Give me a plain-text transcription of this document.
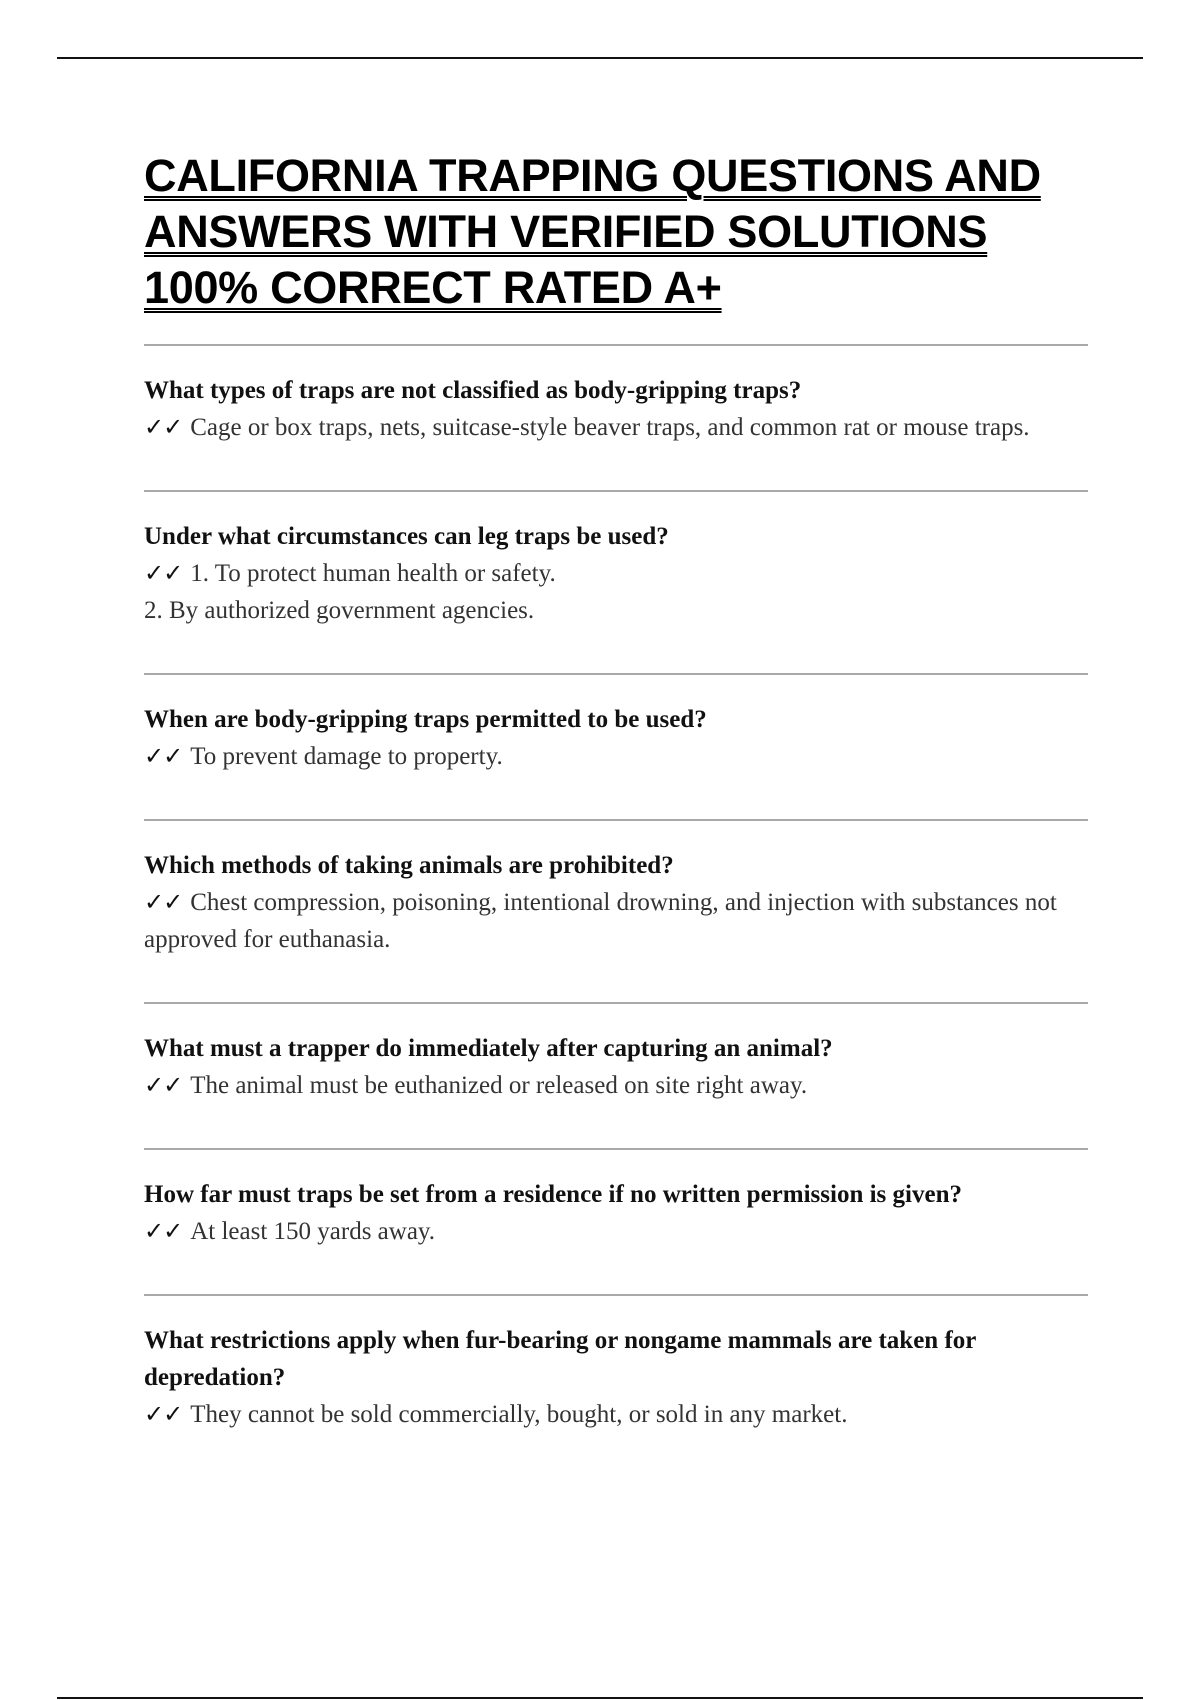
CALIFORNIA TRAPPING QUESTIONS AND ANSWERS WITH VERIFIED SOLUTIONS 100% CORRECT RATED A+

What types of traps are not classified as body-gripping traps?

✓✓ Cage or box traps, nets, suitcase-style beaver traps, and common rat or mouse traps.

Under what circumstances can leg traps be used?

✓✓ 1. To protect human health or safety.
2. By authorized government agencies.

When are body-gripping traps permitted to be used?

✓✓ To prevent damage to property.

Which methods of taking animals are prohibited?

✓✓ Chest compression, poisoning, intentional drowning, and injection with substances not approved for euthanasia.

What must a trapper do immediately after capturing an animal?

✓✓ The animal must be euthanized or released on site right away.

How far must traps be set from a residence if no written permission is given?

✓✓ At least 150 yards away.

What restrictions apply when fur-bearing or nongame mammals are taken for depredation?

✓✓ They cannot be sold commercially, bought, or sold in any market.
